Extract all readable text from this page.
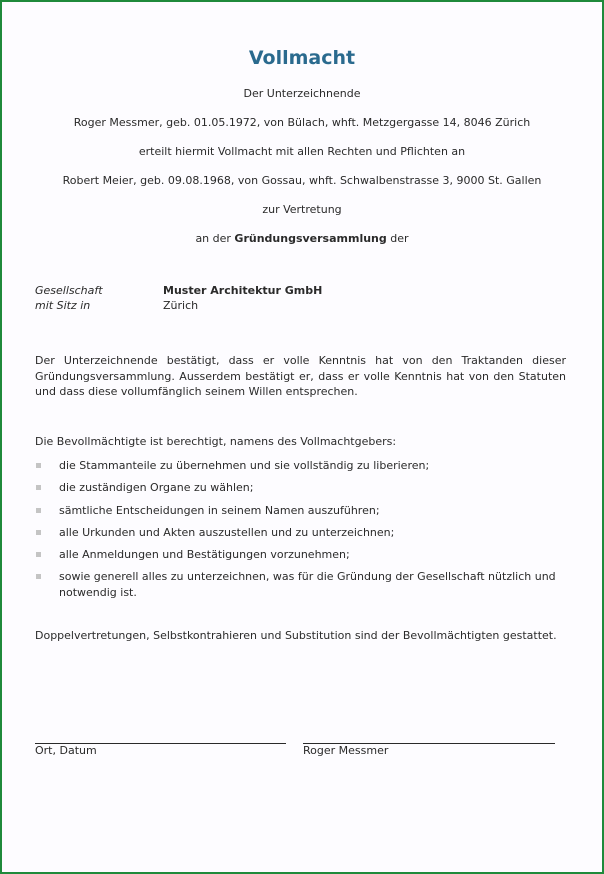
Vollmacht
Der Unterzeichnende
Roger Messmer, geb. 01.05.1972, von Bülach, whft. Metzgergasse 14, 8046 Zürich
erteilt hiermit Vollmacht mit allen Rechten und Pflichten an
Robert Meier, geb. 09.08.1968, von Gossau, whft. Schwalbenstrasse 3, 9000 St. Gallen
zur Vertretung
an der Gründungsversammlung der
Gesellschaft	Muster Architektur GmbH
mit Sitz in	Zürich
Der Unterzeichnende bestätigt, dass er volle Kenntnis hat von den Traktanden dieser Gründungsversammlung. Ausserdem bestätigt er, dass er volle Kenntnis hat von den Statuten und dass diese vollumfänglich seinem Willen entsprechen.
Die Bevollmächtigte ist berechtigt, namens des Vollmachtgebers:
die Stammanteile zu übernehmen und sie vollständig zu liberieren;
die zuständigen Organe zu wählen;
sämtliche Entscheidungen in seinem Namen auszuführen;
alle Urkunden und Akten auszustellen und zu unterzeichnen;
alle Anmeldungen und Bestätigungen vorzunehmen;
sowie generell alles zu unterzeichnen, was für die Gründung der Gesellschaft nützlich und notwendig ist.
Doppelvertretungen, Selbstkontrahieren und Substitution sind der Bevollmächtigten gestattet.
Ort, Datum	Roger Messmer
